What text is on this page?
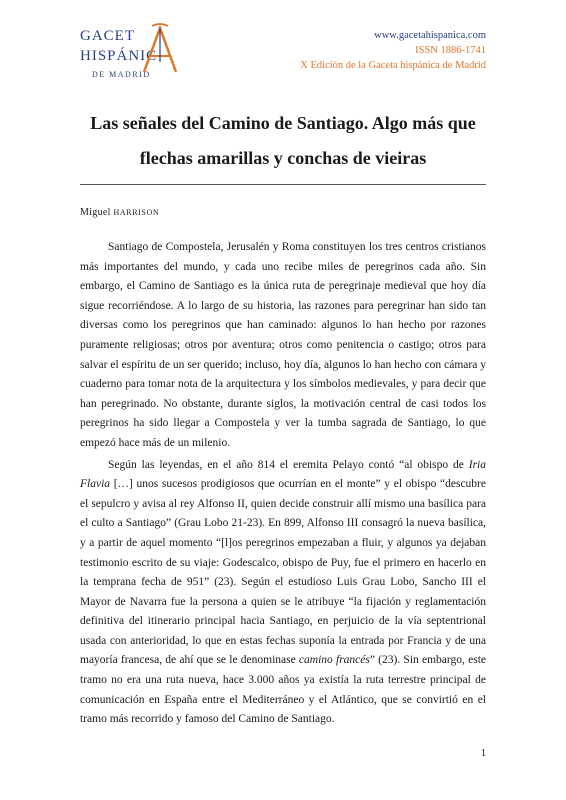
GACET
HISPÁNIC
DE MADRID
www.gacetahispanica.com
ISSN 1886-1741
X Edición de la Gaceta hispánica de Madrid
Las señales del Camino de Santiago. Algo más que
flechas amarillas y conchas de vieiras
Miguel HARRISON

Santiago de Compostela, Jerusalén y Roma constituyen los tres centros cristianos más importantes del mundo, y cada uno recibe miles de peregrinos cada año. Sin embargo, el Camino de Santiago es la única ruta de peregrinaje medieval que hoy día sigue recorriéndose. A lo largo de su historia, las razones para peregrinar han sido tan diversas como los peregrinos que han caminado: algunos lo han hecho por razones puramente religiosas; otros por aventura; otros como penitencia o castigo; otros para salvar el espíritu de un ser querido; incluso, hoy día, algunos lo han hecho con cámara y cuaderno para tomar nota de la arquitectura y los símbolos medievales, y para decir que han peregrinado. No obstante, durante siglos, la motivación central de casi todos los peregrinos ha sido llegar a Compostela y ver la tumba sagrada de Santiago, lo que empezó hace más de un milenio.

Según las leyendas, en el año 814 el eremita Pelayo contó “al obispo de Iria Flavia […] unos sucesos prodigiosos que ocurrían en el monte” y el obispo “descubre el sepulcro y avisa al rey Alfonso II, quien decide construir allí mismo una basílica para el culto a Santiago” (Grau Lobo 21-23). En 899, Alfonso III consagró la nueva basílica, y a partir de aquel momento “[l]os peregrinos empezaban a fluir, y algunos ya dejaban testimonio escrito de su viaje: Godescalco, obispo de Puy, fue el primero en hacerlo en la temprana fecha de 951” (23). Según el estudioso Luis Grau Lobo, Sancho III el Mayor de Navarra fue la persona a quien se le atribuye “la fijación y reglamentación definitiva del itinerario principal hacia Santiago, en perjuicio de la vía septentrional usada con anterioridad, lo que en estas fechas suponía la entrada por Francia y de una mayoría francesa, de ahí que se le denominase camino francés” (23). Sin embargo, este tramo no era una ruta nueva, hace 3.000 años ya existía la ruta terrestre principal de comunicación en España entre el Mediterráneo y el Atlántico, que se convirtió en el tramo más recorrido y famoso del Camino de Santiago.

1
